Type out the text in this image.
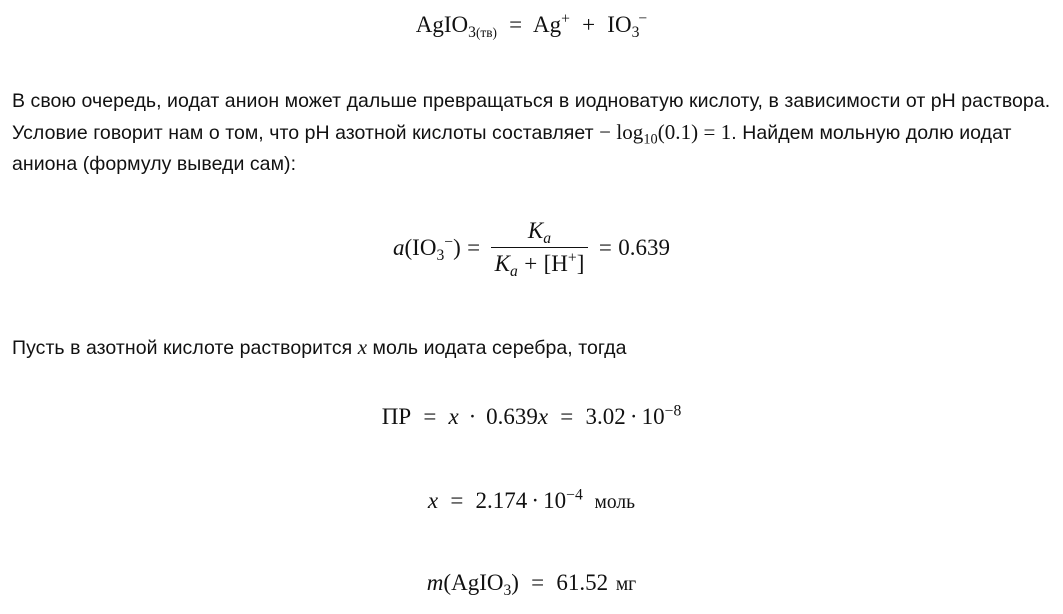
AgIO$_{3(тв)}$ = $Ag^+ + IO_3^-$
В свою очередь, иодат анион может дальше превращаться в иодноватую кислоту, в зависимости от pH раствора. Условие говорит нам о том, что pH азотной кислоты составляет − $\log_{10}(0.1) = 1$. Найдем мольную долю иодат аниона (формулу выведи сам):
$a(IO_3^-) = \frac{K_a}{K_a + [H^+]} = 0.639$
Пусть в азотной кислоте растворится x моль иодата серебра, тогда
ПР = $x \cdot 0.639x = 3.02 \cdot 10^{-8}$
$x = 2.174 \cdot 10^{-4}$ моль
m(AgIO$_3$) = 61.52 мг
